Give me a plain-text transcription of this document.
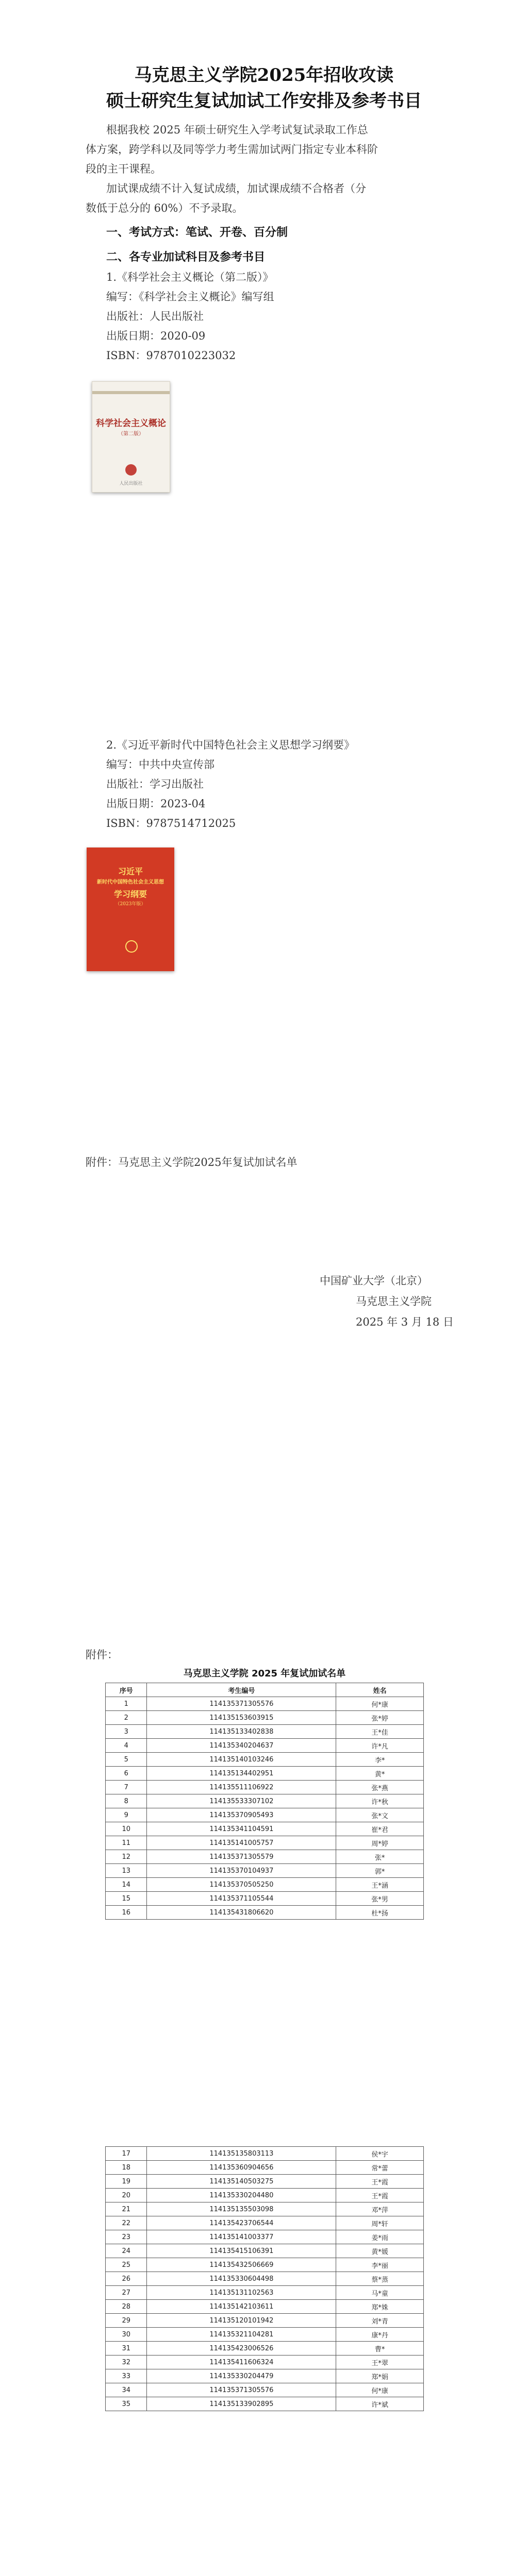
马克思主义学院2025年招收攻读
硕士研究生复试加试工作安排及参考书目
根据我校 2025 年硕士研究生入学考试复试录取工作总
体方案，跨学科以及同等学力考生需加试两门指定专业本科阶
段的主干课程。
加试课成绩不计入复试成绩，加试课成绩不合格者（分
数低于总分的 60%）不予录取。
一、考试方式：笔试、开卷、百分制
二、各专业加试科目及参考书目
1.《科学社会主义概论（第二版）》
编写：《科学社会主义概论》编写组
出版社：人民出版社
出版日期：2020-09
ISBN：9787010223032
科学社会主义概论
（第二版）
人民出版社
2.《习近平新时代中国特色社会主义思想学习纲要》
编写：中共中央宣传部
出版社：学习出版社
出版日期：2023-04
ISBN：9787514712025
习近平
新时代中国特色社会主义思想
学习纲要
（2023年版）
附件：马克思主义学院2025年复试加试名单
中国矿业大学（北京）
马克思主义学院
2025 年 3 月 18 日
附件：
马克思主义学院 2025 年复试加试名单
序号	考生编号	姓名
1	114135371305576	何*康
2	114135153603915	张*婷
3	114135133402838	王*佳
4	114135340204637	许*凡
5	114135140103246	李*
6	114135134402951	黄*
7	114135511106922	张*燕
8	114135533307102	许*秋
9	114135370905493	张*文
10	114135341104591	崔*君
11	114135141005757	周*婷
12	114135371305579	张*
13	114135370104937	郭*
14	114135370505250	王*涵
15	114135371105544	张*男
16	114135431806620	杜*扬
17	114135135803113	侯*宇
18	114135360904656	常*蕾
19	114135140503275	王*霞
20	114135330204480	王*霞
21	114135135503098	邓*萍
22	114135423706544	周*轩
23	114135141003377	姜*雨
24	114135415106391	黄*媛
25	114135432506669	李*丽
26	114135330604498	蔡*蒸
27	114135131102563	马*童
28	114135142103611	郑*姝
29	114135120101942	刘*青
30	114135321104281	康*丹
31	114135423006526	曹*
32	114135411606324	王*翠
33	114135330204479	郑*娟
34	114135371305576	何*康
35	114135133902895	许*斌
